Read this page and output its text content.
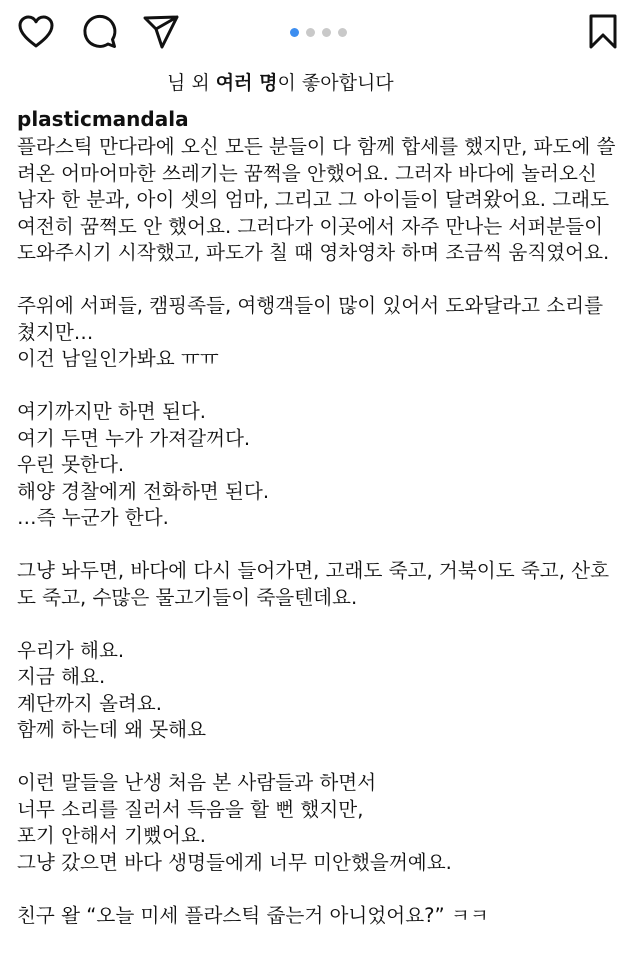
님 외 여러 명이 좋아합니다
plasticmandala
플라스틱 만다라에 오신 모든 분들이 다 함께 합세를 했지만, 파도에 쓸
려온 어마어마한 쓰레기는 꿈쩍을 안했어요. 그러자 바다에 놀러오신
남자 한 분과, 아이 셋의 엄마, 그리고 그 아이들이 달려왔어요. 그래도
여전히 꿈쩍도 안 했어요. 그러다가 이곳에서 자주 만나는 서퍼분들이
도와주시기 시작했고, 파도가 칠 때 영차영차 하며 조금씩 움직였어요.
주위에 서퍼들, 캠핑족들, 여행객들이 많이 있어서 도와달라고 소리를
쳤지만…
이건 남일인가봐요 ㅠㅠ
여기까지만 하면 된다.
여기 두면 누가 가져갈꺼다.
우린 못한다.
해양 경찰에게 전화하면 된다.
…즉 누군가 한다.
그냥 놔두면, 바다에 다시 들어가면, 고래도 죽고, 거북이도 죽고, 산호
도 죽고, 수많은 물고기들이 죽을텐데요.
우리가 해요.
지금 해요.
계단까지 올려요.
함께 하는데 왜 못해요
이런 말들을 난생 처음 본 사람들과 하면서
너무 소리를 질러서 득음을 할 뻔 했지만,
포기 안해서 기뻤어요.
그냥 갔으면 바다 생명들에게 너무 미안했을꺼예요.
친구 왈 “오늘 미세 플라스틱 줍는거 아니었어요?” ㅋㅋ
